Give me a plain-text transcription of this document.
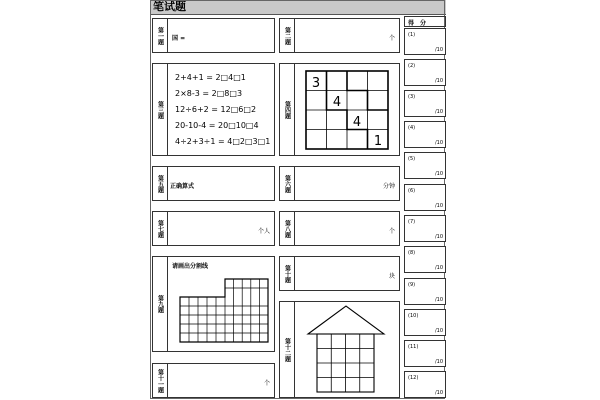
笔试题
第一题 国 =	第二题	个
第三题
2+4+1 = 2□4□1
2×8-3 = 2□8□3
12÷6+2 = 12□6□2
20-10-4 = 20□10□4
4÷2+3÷1 = 4□2□3□1
第四题
3
4
4
1
第五题 正确算式	第六题	分钟
第七题	个人 第八题	个
第九题
请画出分割线	第十题	块
第十一题	个
第十二题
得　分
(1)
/10
(2)
/10
(3)
/10
(4)
/10
(5)
/10
(6)
/10
(7)
/10
(8)
/10
(9)
/10
(10)
/10
(11)
/10
(12)
/10
